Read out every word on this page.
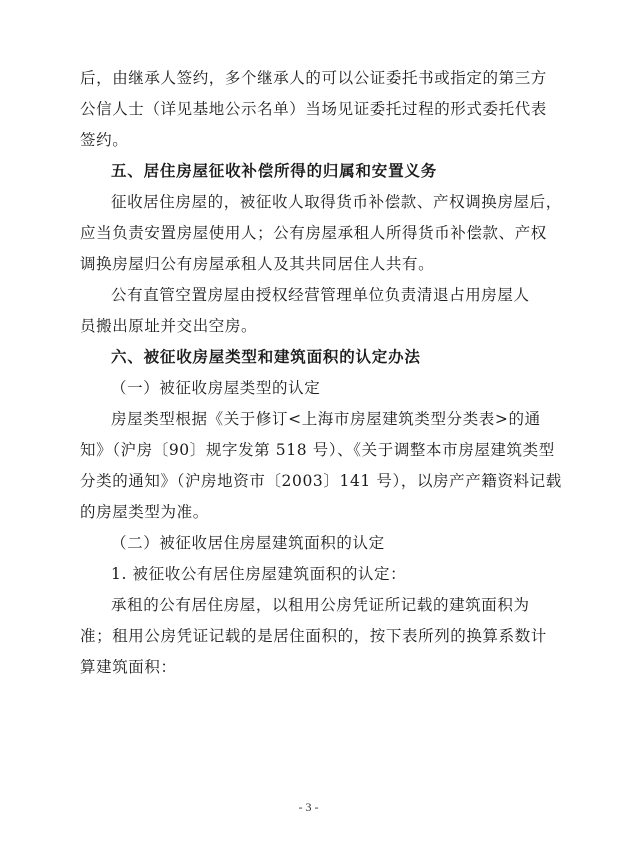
后，由继承人签约，多个继承人的可以公证委托书或指定的第三方
公信人士（详见基地公示名单）当场见证委托过程的形式委托代表
签约。
五、居住房屋征收补偿所得的归属和安置义务
征收居住房屋的，被征收人取得货币补偿款、产权调换房屋后，
应当负责安置房屋使用人；公有房屋承租人所得货币补偿款、产权
调换房屋归公有房屋承租人及其共同居住人共有。
公有直管空置房屋由授权经营管理单位负责清退占用房屋人
员搬出原址并交出空房。
六、被征收房屋类型和建筑面积的认定办法
（一）被征收房屋类型的认定
房屋类型根据《关于修订<上海市房屋建筑类型分类表>的通
知》（沪房〔90〕规字发第 518 号）、《关于调整本市房屋建筑类型
分类的通知》（沪房地资市〔2003〕141 号），以房产产籍资料记载
的房屋类型为准。
（二）被征收居住房屋建筑面积的认定
1. 被征收公有居住房屋建筑面积的认定：
承租的公有居住房屋，以租用公房凭证所记载的建筑面积为
准；租用公房凭证记载的是居住面积的，按下表所列的换算系数计
算建筑面积：
- 3 -
